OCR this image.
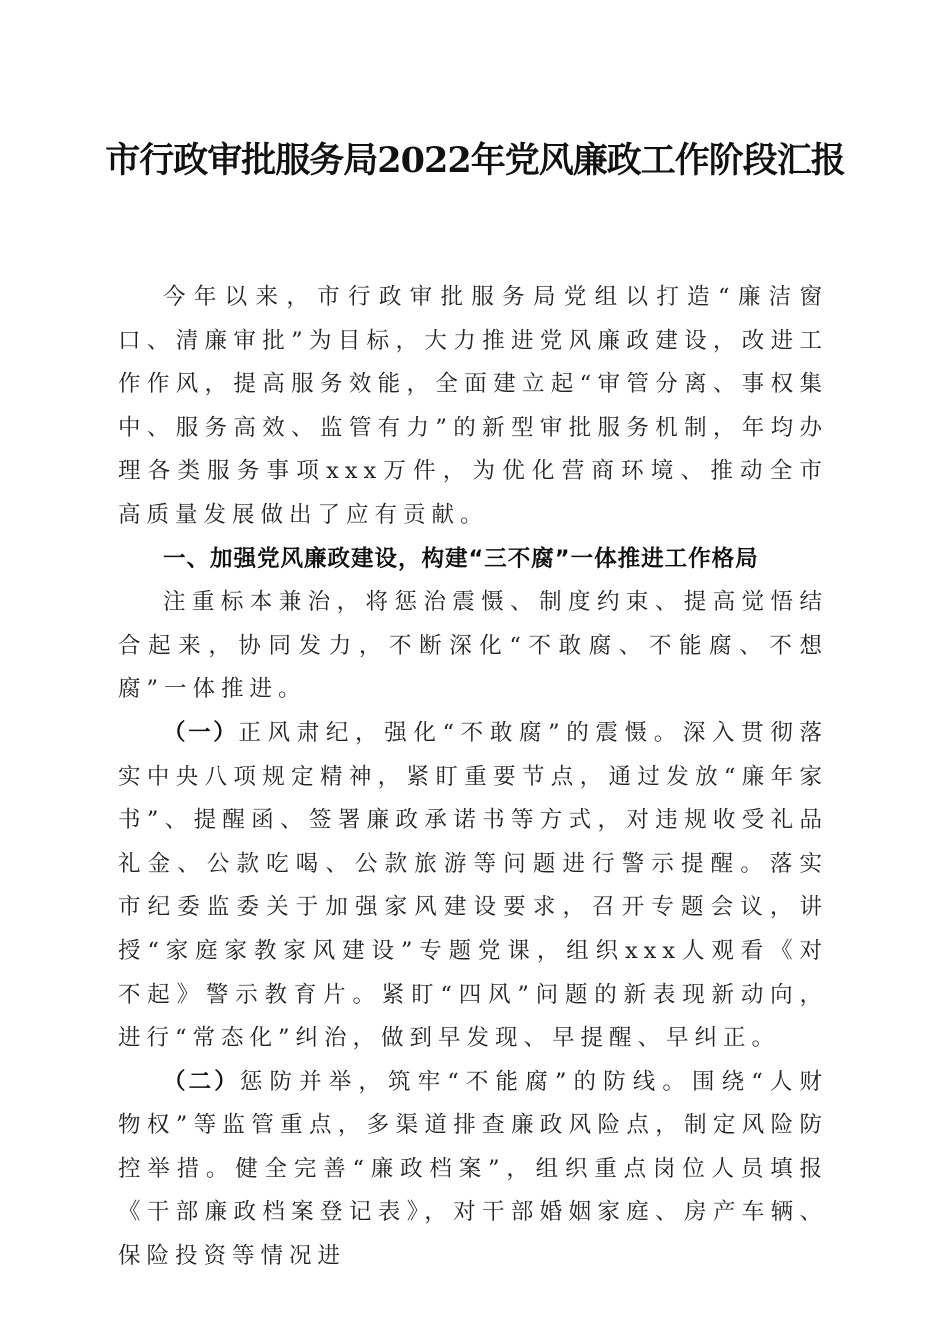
市行政审批服务局2022年党风廉政工作阶段汇报

今年以来，市行政审批服务局党组以打造“廉洁窗口、清廉审批”为目标，大力推进党风廉政建设，改进工作作风，提高服务效能，全面建立起“审管分离、事权集中、服务高效、监管有力”的新型审批服务机制，年均办理各类服务事项xxx万件，为优化营商环境、推动全市高质量发展做出了应有贡献。

一、加强党风廉政建设，构建“三不腐”一体推进工作格局

注重标本兼治，将惩治震慑、制度约束、提高觉悟结合起来，协同发力，不断深化“不敢腐、不能腐、不想腐”一体推进。

（一）正风肃纪，强化“不敢腐”的震慑。深入贯彻落实中央八项规定精神，紧盯重要节点，通过发放“廉年家书”、提醒函、签署廉政承诺书等方式，对违规收受礼品礼金、公款吃喝、公款旅游等问题进行警示提醒。落实市纪委监委关于加强家风建设要求，召开专题会议，讲授“家庭家教家风建设”专题党课，组织xxx人观看《对不起》警示教育片。紧盯“四风”问题的新表现新动向，进行“常态化”纠治，做到早发现、早提醒、早纠正。

（二）惩防并举，筑牢“不能腐”的防线。围绕“人财物权”等监管重点，多渠道排查廉政风险点，制定风险防控举措。健全完善“廉政档案”，组织重点岗位人员填报《干部廉政档案登记表》，对干部婚姻家庭、房产车辆、保险投资等情况进
